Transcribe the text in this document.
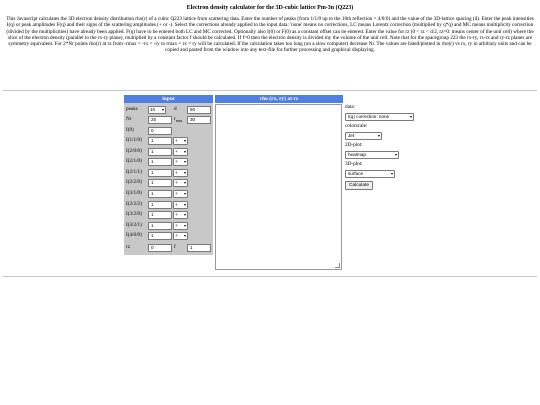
Electron density calculator for the 3D-cubic lattice Pm-3n (Q223)
This Javascript calculates the 3D electron density distribution rho(r) of a cubic Q223 lattice from scattering data. Enter the number of peaks (from 1/1/0 up to the 10th reflection = 4/0/0) and the value of the 3D-lattice spacing (d). Enter the peak intensities I(q) or peak amplitudes F(q) and their signs of the scattering amplitudes (+ or -). Select the corrections already applied to the input data: 'none' means no corrections, LC means Lorentz correction (multiplied by q*q) and MC means multiplicity correction (divided by the multiplicities) have already been applied. F(q) have to be entered both LC and MC corrected. Optionally also I(0) or F(0) as a constant offset can be entered. Enter the value for rz (0 < rz < d/2, rz=0: means center of the unit cell) where the slice of the electron density (parallel to the rx-ry plane), multiplied by a constant factor f should be calculated. If f=0 then the electron density is divided my the volume of the unit cell. Note that for the spacegroup 223 the rx-ry, rx-rz and ry-rz planes are symmetry equivalent. For 2*Nr points rho(r) at rz from -rmax = -rx = -ry to rmax = rx = ry will be calculated. If the calculation takes too long (on a slow computer) decrease Nr. The values are listed/plotted in rho(r) vs rx, ry in arbitrary units and can be copied and pasted from the window into any text-file for further processing and graphical displaying.
input
peaks	10 ▾ d	60
Nr	25	$r_{max}$	30
I(0)	0
I(1/1/0)	1	+ ▾
I(2/0/0)	1	+ ▾
I(2/1/0)	1	+ ▾
I(2/1/1)	1	+ ▾
I(2/2/0)	1	+ ▾
I(3/1/0)	1	+ ▾
I(2/2/2)	1	+ ▾
I(3/2/0)	1	+ ▾
I(3/2/1)	1	+ ▾
I(4/0/0)	1	+ ▾
rz	0	f	1
rho (rx, ry) at rz
data:
I(q) correction: none	▾
colorscale:
Jet	▾
2D-plot:
heatmap	▾
3D-plot:
surface	▾
Calculate
